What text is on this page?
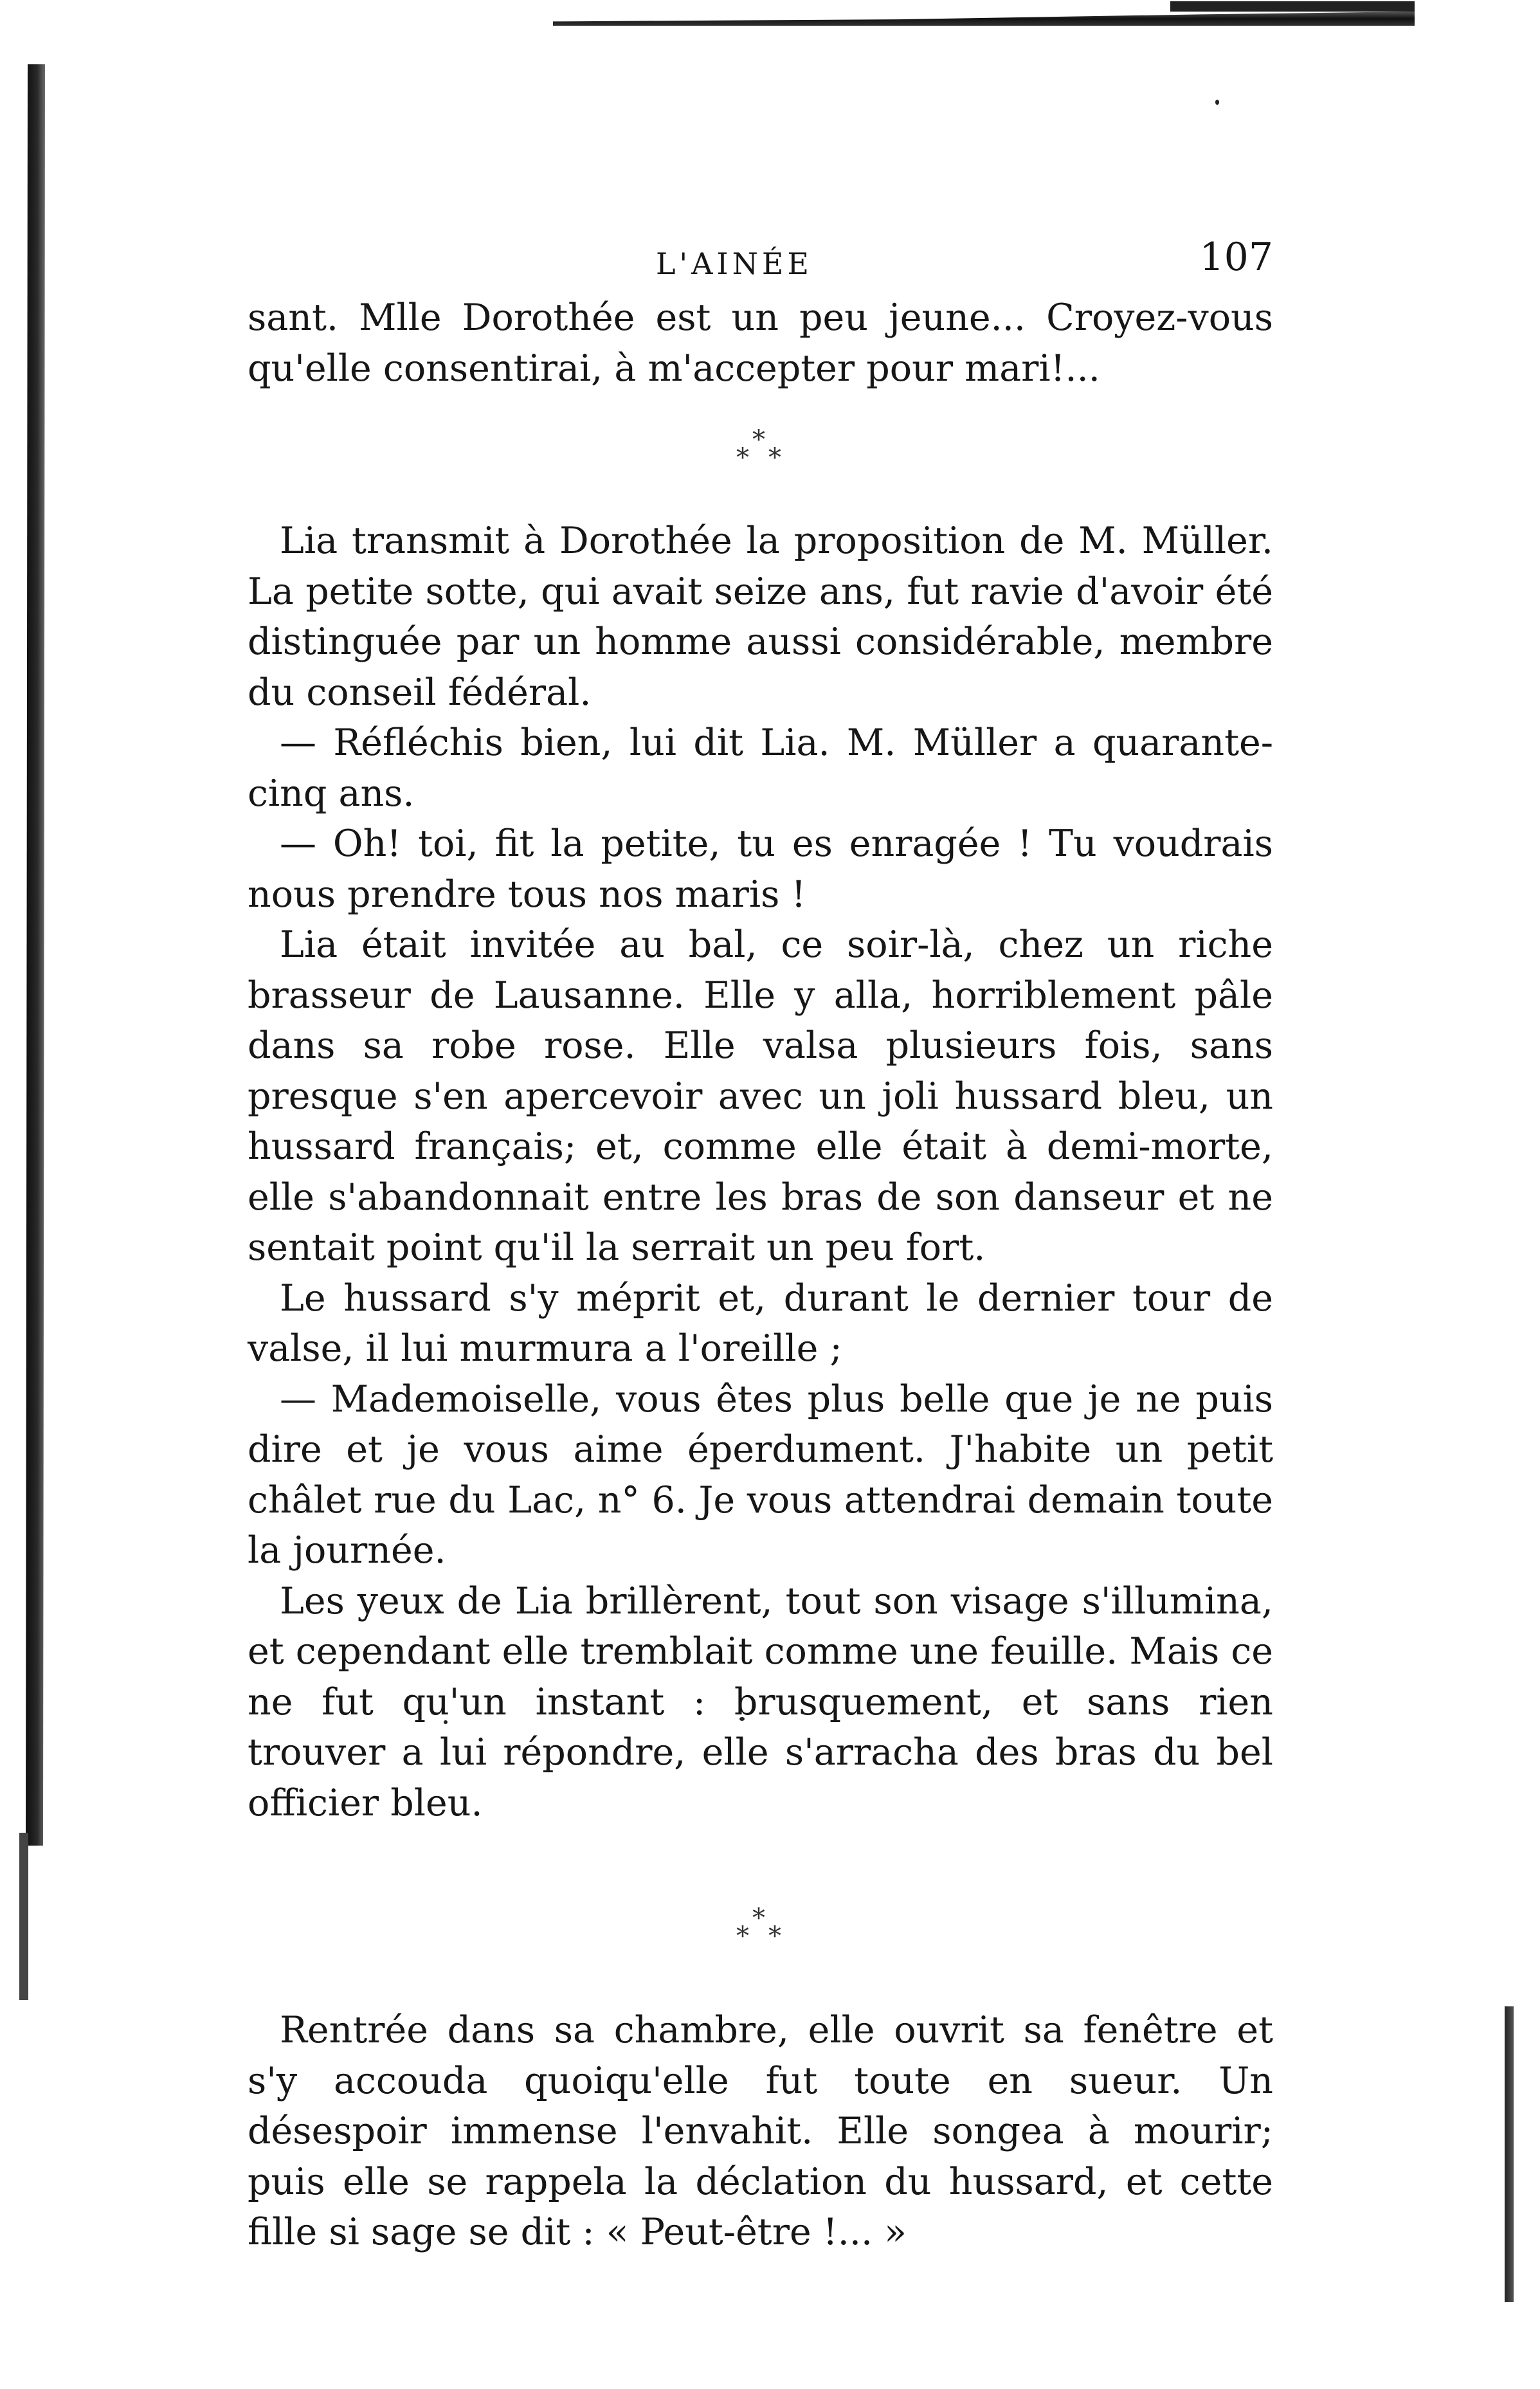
L'AINÉE	107

sant. Mlle Dorothée est un peu jeune... Croyez-vous qu'elle consentirai, à m'accepter pour mari!...

*
* *

Lia transmit à Dorothée la proposition de M. Müller. La petite sotte, qui avait seize ans, fut ravie d'avoir été distinguée par un homme aussi considérable, membre du conseil fédéral.

— Réfléchis bien, lui dit Lia. M. Müller a quarante-cinq ans.

— Oh! toi, fit la petite, tu es enragée ! Tu voudrais nous prendre tous nos maris !

Lia était invitée au bal, ce soir-là, chez un riche brasseur de Lausanne. Elle y alla, horriblement pâle dans sa robe rose. Elle valsa plusieurs fois, sans presque s'en apercevoir avec un joli hussard bleu, un hussard français; et, comme elle était à demi-morte, elle s'abandonnait entre les bras de son danseur et ne sentait point qu'il la serrait un peu fort.

Le hussard s'y méprit et, durant le dernier tour de valse, il lui murmura a l'oreille ;

— Mademoiselle, vous êtes plus belle que je ne puis dire et je vous aime éperdument. J'habite un petit châlet rue du Lac, n° 6. Je vous attendrai demain toute la journée.

Les yeux de Lia brillèrent, tout son visage s'illumina, et cependant elle tremblait comme une feuille. Mais ce ne fut qu'un instant : brusquement, et sans rien trouver a lui répondre, elle s'arracha des bras du bel officier bleu.

*
* *

Rentrée dans sa chambre, elle ouvrit sa fenêtre et s'y accouda quoiqu'elle fut toute en sueur. Un désespoir immense l'envahit. Elle songea à mourir; puis elle se rappela la déclation du hussard, et cette fille si sage se dit : « Peut-être !... »
